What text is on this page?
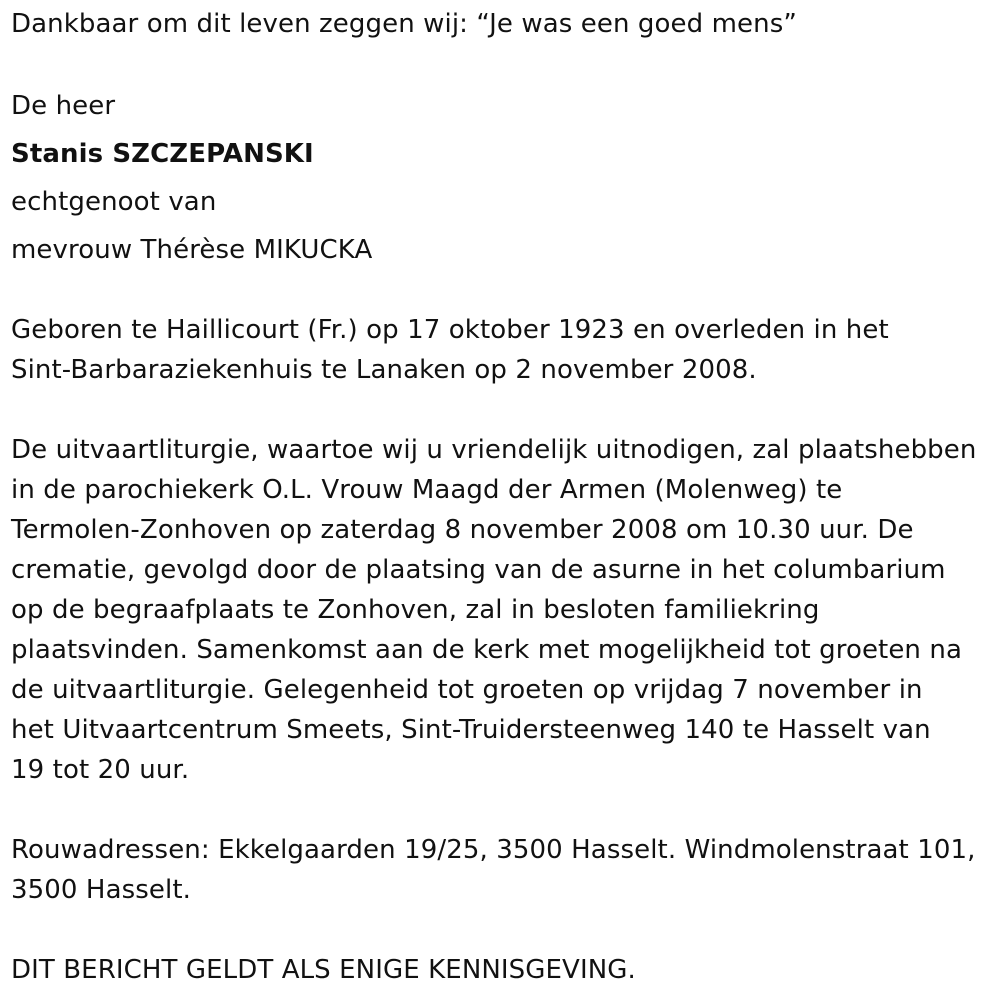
Dankbaar om dit leven zeggen wij: “Je was een goed mens”
De heer
Stanis SZCZEPANSKI
echtgenoot van
mevrouw Thérèse MIKUCKA
Geboren te Haillicourt (Fr.) op 17 oktober 1923 en overleden in het
Sint-Barbaraziekenhuis te Lanaken op 2 november 2008.
De uitvaartliturgie, waartoe wij u vriendelijk uitnodigen, zal plaatshebben
in de parochiekerk O.L. Vrouw Maagd der Armen (Molenweg) te
Termolen-Zonhoven op zaterdag 8 november 2008 om 10.30 uur. De
crematie, gevolgd door de plaatsing van de asurne in het columbarium
op de begraafplaats te Zonhoven, zal in besloten familiekring
plaatsvinden. Samenkomst aan de kerk met mogelijkheid tot groeten na
de uitvaartliturgie. Gelegenheid tot groeten op vrijdag 7 november in
het Uitvaartcentrum Smeets, Sint-Truidersteenweg 140 te Hasselt van
19 tot 20 uur.
Rouwadressen: Ekkelgaarden 19/25, 3500 Hasselt. Windmolenstraat 101,
3500 Hasselt.
DIT BERICHT GELDT ALS ENIGE KENNISGEVING.
